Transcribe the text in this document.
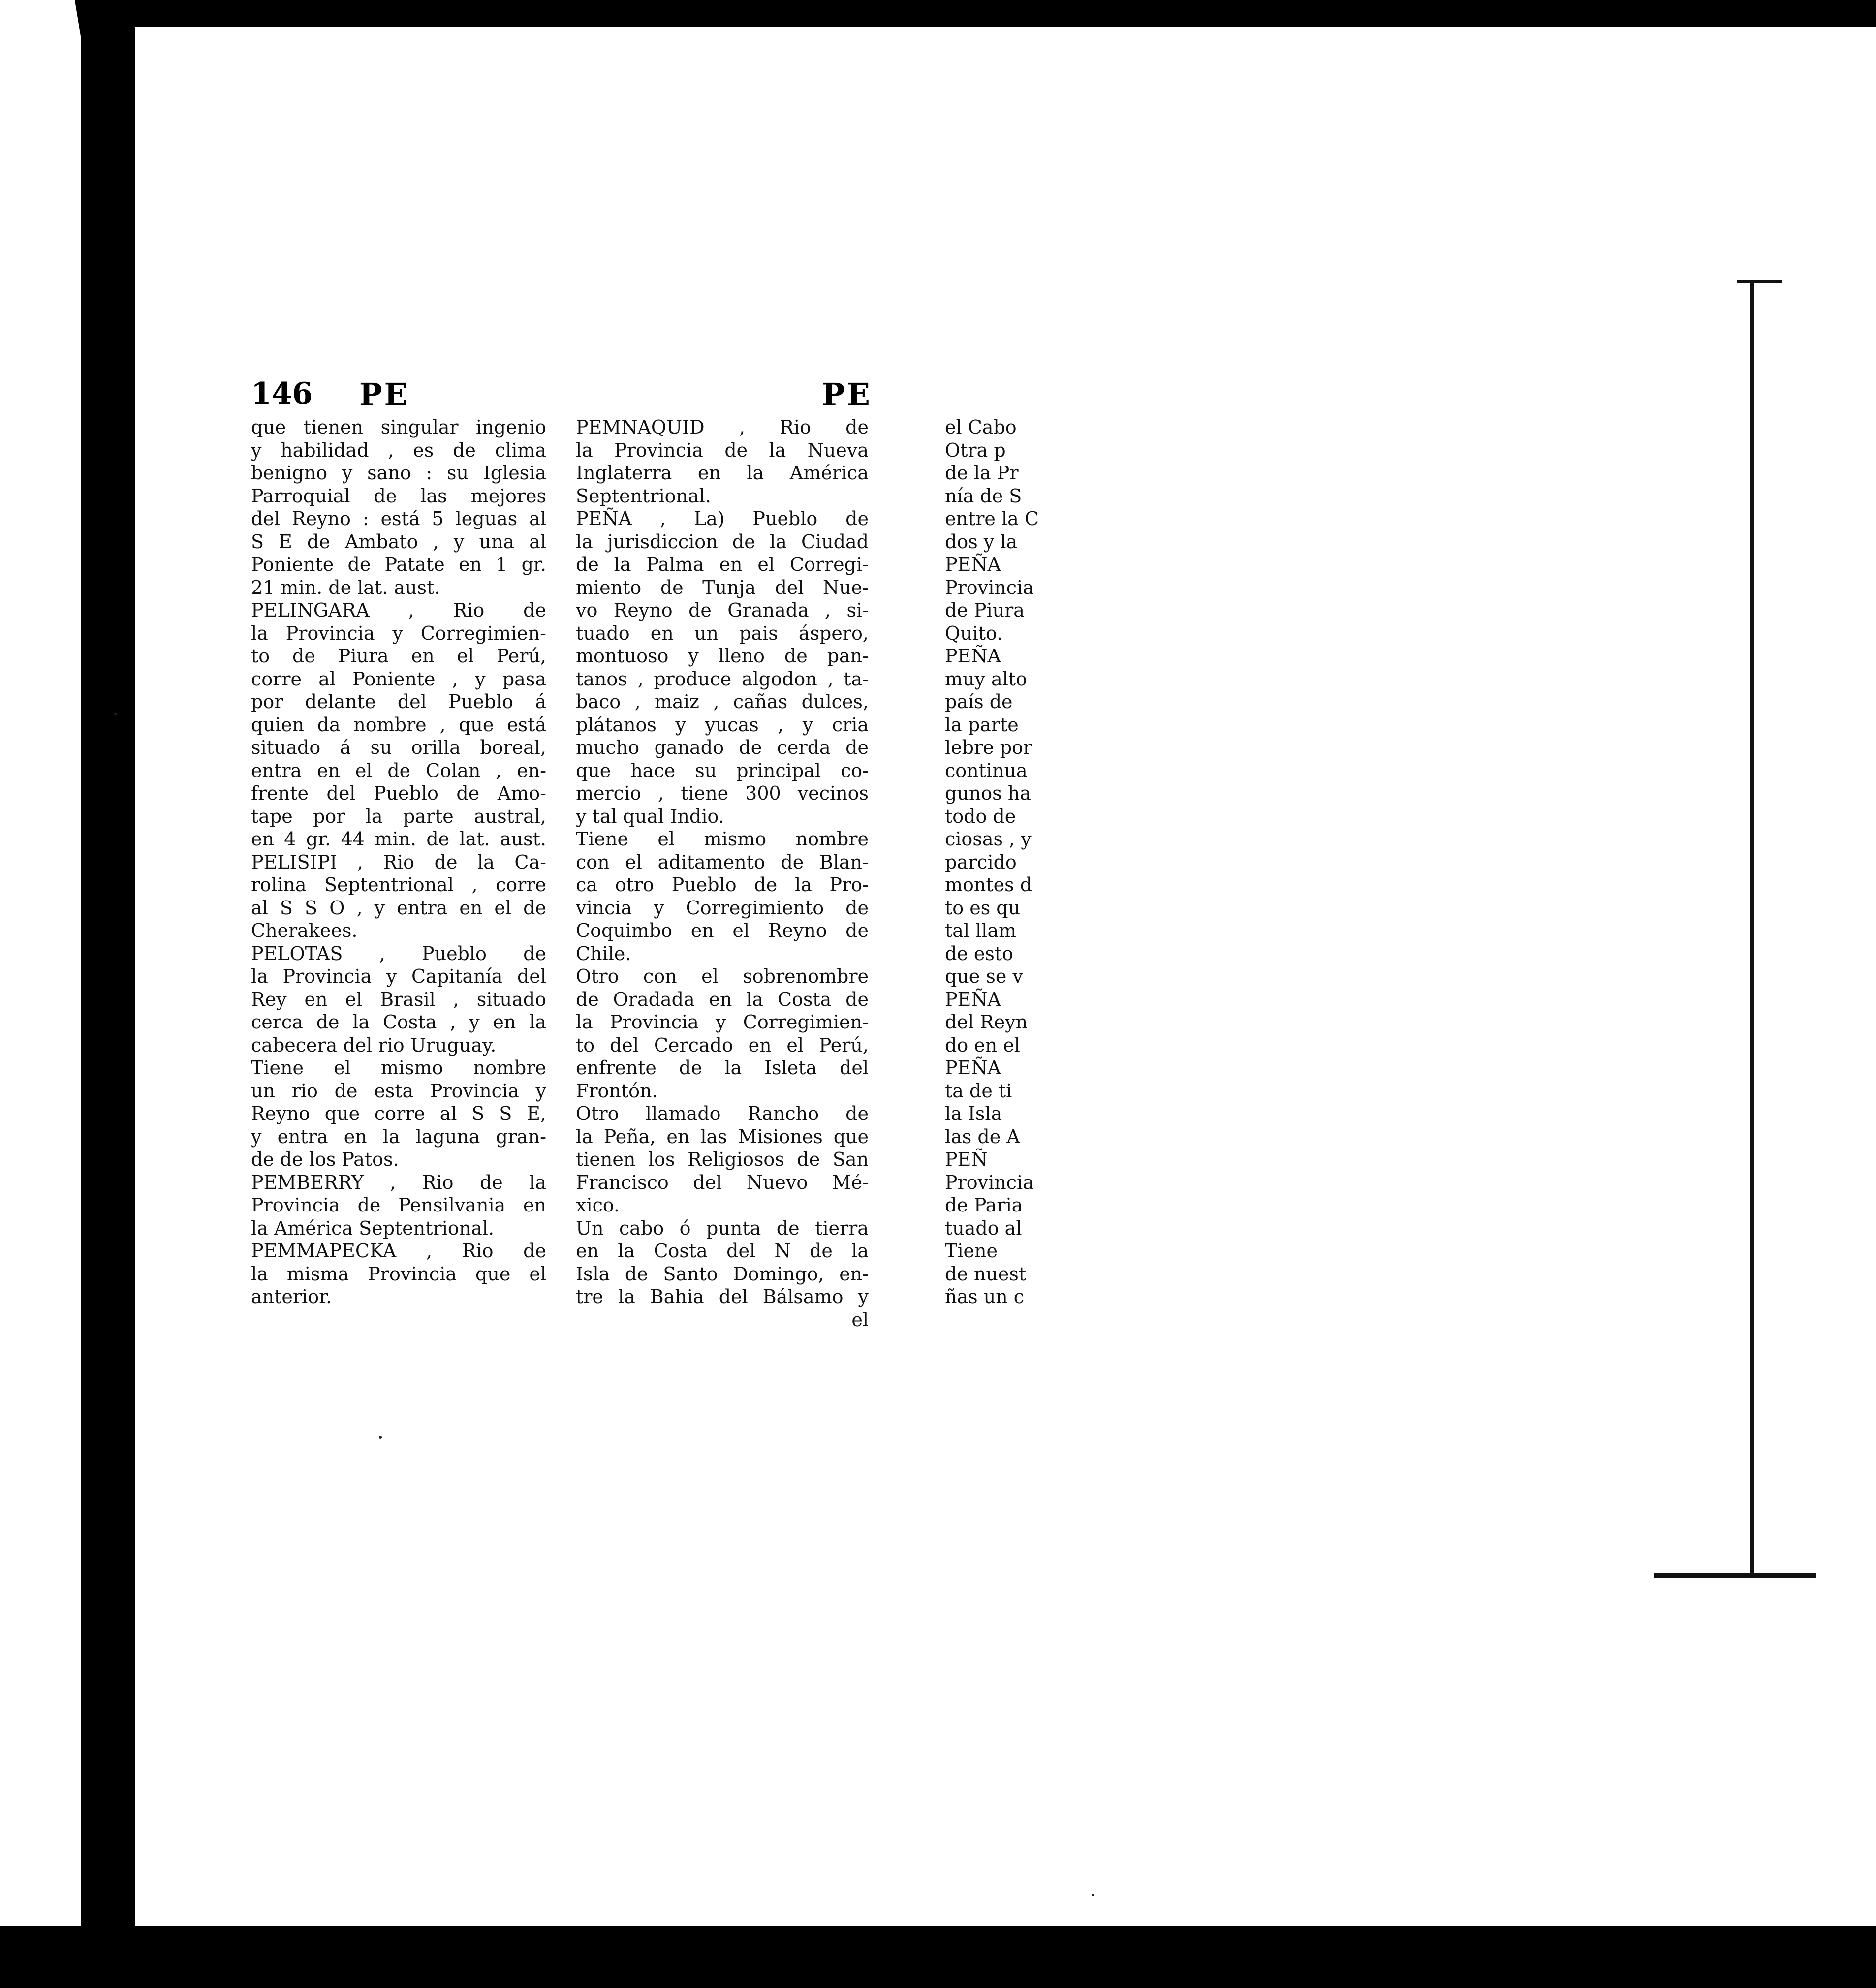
146 PE	PE
que tienen singular ingenio
y habilidad , es de clima
benigno y sano : su Iglesia
Parroquial de las mejores
del Reyno : está 5 leguas al
S E de Ambato , y una al
Poniente de Patate en 1 gr.
21 min. de lat. aust.
PELINGARA , Rio de
la Provincia y Corregimien-
to de Piura en el Perú,
corre al Poniente , y pasa
por delante del Pueblo á
quien da nombre , que está
situado á su orilla boreal,
entra en el de Colan , en-
frente del Pueblo de Amo-
tape por la parte austral,
en 4 gr. 44 min. de lat. aust.
PELISIPI , Rio de la Ca-
rolina Septentrional , corre
al S S O , y entra en el de
Cherakees.
PELOTAS , Pueblo de
la Provincia y Capitanía del
Rey en el Brasil , situado
cerca de la Costa , y en la
cabecera del rio Uruguay.
Tiene el mismo nombre
un rio de esta Provincia y
Reyno que corre al S S E,
y entra en la laguna gran-
de de los Patos.
PEMBERRY , Rio de la
Provincia de Pensilvania en
la América Septentrional.
PEMMAPECKA , Rio de
la misma Provincia que el
anterior.
PEMNAQUID , Rio de
la Provincia de la Nueva
Inglaterra en la América
Septentrional.
PEÑA , La) Pueblo de
la jurisdiccion de la Ciudad
de la Palma en el Corregi-
miento de Tunja del Nue-
vo Reyno de Granada , si-
tuado en un pais áspero,
montuoso y lleno de pan-
tanos , produce algodon , ta-
baco , maiz , cañas dulces,
plátanos y yucas , y cria
mucho ganado de cerda de
que hace su principal co-
mercio , tiene 300 vecinos
y tal qual Indio.
Tiene el mismo nombre
con el aditamento de Blan-
ca otro Pueblo de la Pro-
vincia y Corregimiento de
Coquimbo en el Reyno de
Chile.
Otro con el sobrenombre
de Oradada en la Costa de
la Provincia y Corregimien-
to del Cercado en el Perú,
enfrente de la Isleta del
Frontón.
Otro llamado Rancho de
la Peña, en las Misiones que
tienen los Religiosos de San
Francisco del Nuevo Mé-
xico.
Un cabo ó punta de tierra
en la Costa del N de la
Isla de Santo Domingo, en-
tre la Bahia del Bálsamo y
el
el Cabo
Otra p
de la Pr
nía de S
entre la C
dos y la
PEÑA
Provincia
de Piura
Quito.
PEÑA
muy alto
país de
la parte
lebre por
continua
gunos ha
todo de
ciosas , y
parcido
montes d
to es qu
tal llam
de esto
que se v
PEÑA
del Reyn
do en el
PEÑA
ta de ti
la Isla
las de A
PEÑ
Provincia
de Paria
tuado al
Tiene
de nuest
ñas un c
